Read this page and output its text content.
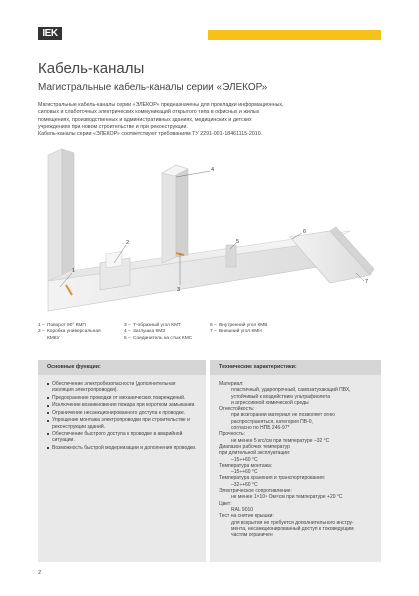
IEK
Кабель-каналы
Магистральные кабель-каналы серии «ЭЛЕКОР»
Магистральные кабель-каналы серии «ЭЛЕКОР» предназначены для прокладки информационных,
силовых и слаботочных электрических коммуникаций открытого типа в офисных и жилых
помещениях, производственных и административных зданиях, медицинских и детских
учреждениях при новом строительстве и при реконструкции.
Кабель-каналы серии «ЭЛЕКОР» соответствуют требованиям ТУ 2291-001-18461115-2010.
1
2
3
4
5
6
7
1 – Поворот 90° КМП
2 – Коробка универсальная
КМКУ
3 – Т-образный угол КМТ
4 – Заглушка КМЗ
5 – Соединитель на стык КМС
6 – Внутренний угол КМВ
7 – Внешний угол КМН
Основные функции:
Обеспечение электробезопасности (дополнительная изоляция электропроводки).
Предохранение проводки от механических повреждений.
Исключение возникновения пожара при коротком замыкании.
Ограничение несанкционированного доступа к проводке.
Упрощение монтажа электропроводки при строительстве и реконструкции зданий.
Обеспечение быстрого доступа к проводке в аварийной ситуации.
Возможность быстрой модернизации и дополнения проводки.
Технические характеристики:
Материал:
пластичный, ударопрочный, самозатухающий ПВХ,
устойчивый к воздействию ультрафиолета
и агрессивной химической среды
Огнестойкость:
при возгорании материал не позволяет огню
распространяться, категория ПВ-0,
согласно по НПБ 246-97*
Прочность:
не менее 5 кгс/см при температуре –32 °С
Диапазон рабочих температур
при длительной эксплуатации:
–15÷+60 °С
Температура монтажа:
–15÷+60 °С
Температура хранения и транспортирования:
–32÷+60 °С
Электрическое сопротивление:
не менее 1×10⁹ Ом×см при температуре +20 °С
Цвет:
RAL 9010
Тест на снятие крышки:
для вскрытия не требуется дополнительного инстру-
мента, несанкционированный доступ к токоведущим
частям ограничен
2
